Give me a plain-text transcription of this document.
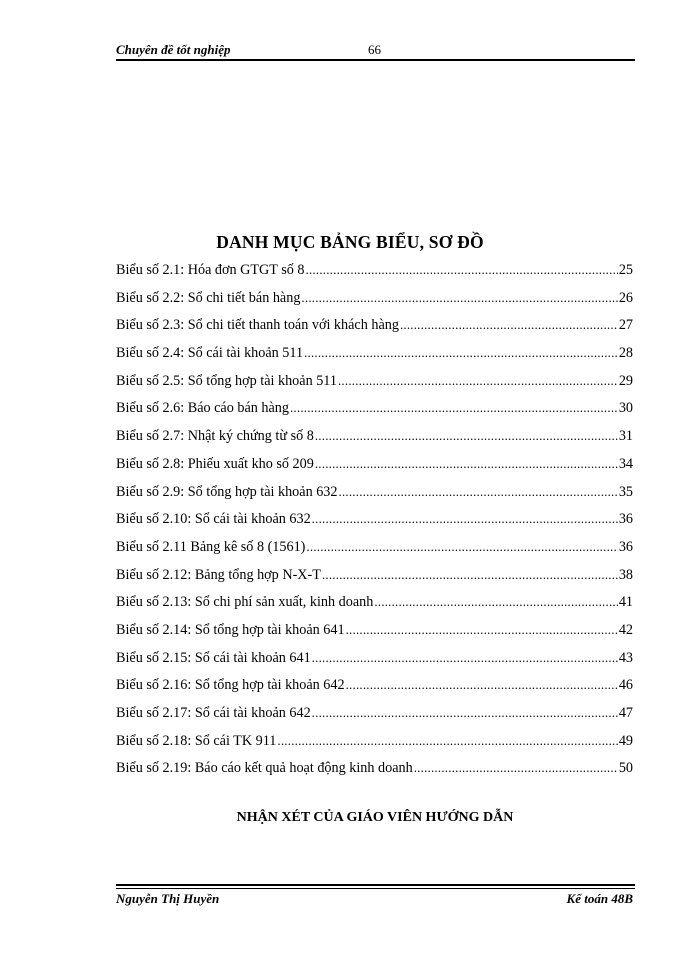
Chuyên đề tốt nghiệp	66
DANH MỤC BẢNG BIỂU, SƠ ĐỒ
Biểu số 2.1: Hóa đơn GTGT số 8 .....	25
Biểu số 2.2: Sổ chi tiết bán hàng .....	26
Biểu số 2.3: Sổ chi tiết thanh toán với khách hàng .....	27
Biểu số 2.4: Sổ cái tài khoản 511 .....	28
Biểu số 2.5: Sổ tổng hợp tài khoản 511 .....	29
Biểu số 2.6: Báo cáo bán hàng .....	30
Biểu số 2.7: Nhật ký chứng từ số 8 .....	31
Biểu số 2.8: Phiếu xuất kho số 209 .....	34
Biểu số 2.9: Sổ tổng hợp tài khoản 632 .....	35
Biểu số 2.10: Sổ cái tài khoản 632 .....	36
Biểu số 2.11 Bảng kê số 8 (1561) .....	36
Biểu số 2.12: Bảng tổng hợp N-X-T .....	38
Biểu số 2.13: Sổ chi phí sản xuất, kinh doanh .....	41
Biểu số 2.14: Sổ tổng hợp tài khoản 641 .....	42
Biểu số 2.15: Sổ cái tài khoản 641 .....	43
Biểu số 2.16: Sổ tổng hợp tài khoản 642 .....	46
Biểu số 2.17: Sổ cái tài khoản 642 .....	47
Biểu số 2.18: Sổ cái TK 911 .....	49
Biểu số 2.19: Báo cáo kết quả hoạt động kinh doanh .....	50
NHẬN XÉT CỦA GIÁO VIÊN HƯỚNG DẪN
Nguyễn Thị Huyền	Kế toán 48B
